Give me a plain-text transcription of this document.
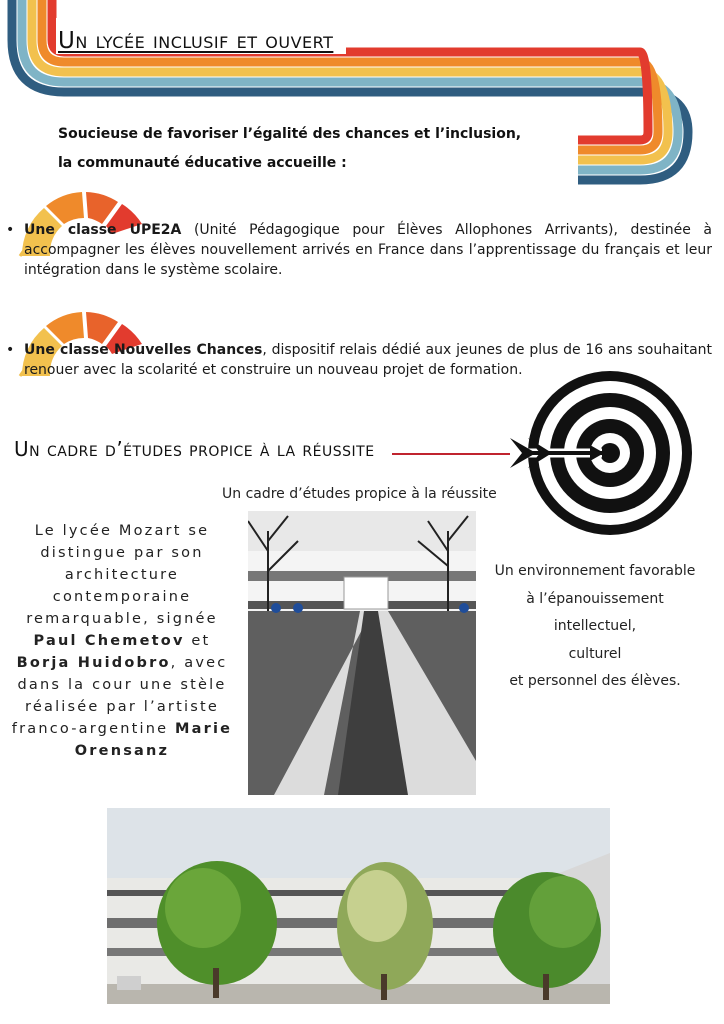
Un lycée inclusif et ouvert
Soucieuse de favoriser l’égalité des chances et l’inclusion,
la communauté éducative accueille :
• Une classe UPE2A (Unité Pédagogique pour Élèves Allophones Arrivants), destinée à accompagner les élèves nouvellement arrivés en France dans l’apprentissage du français et leur intégration dans le système scolaire.
• Une classe Nouvelles Chances, dispositif relais dédié aux jeunes de plus de 16 ans souhaitant renouer avec la scolarité et construire un nouveau projet de formation.
Un cadre d’études propice à la réussite
Un cadre d’études propice à la réussite
Le lycée Mozart se distingue par son architecture contemporaine remarquable, signée Paul Chemetov et Borja Huidobro, avec dans la cour une stèle réalisée par l’artiste franco-argentine Marie Orensanz
Un environnement favorable
à l’épanouissement
intellectuel,
culturel
et personnel des élèves.
